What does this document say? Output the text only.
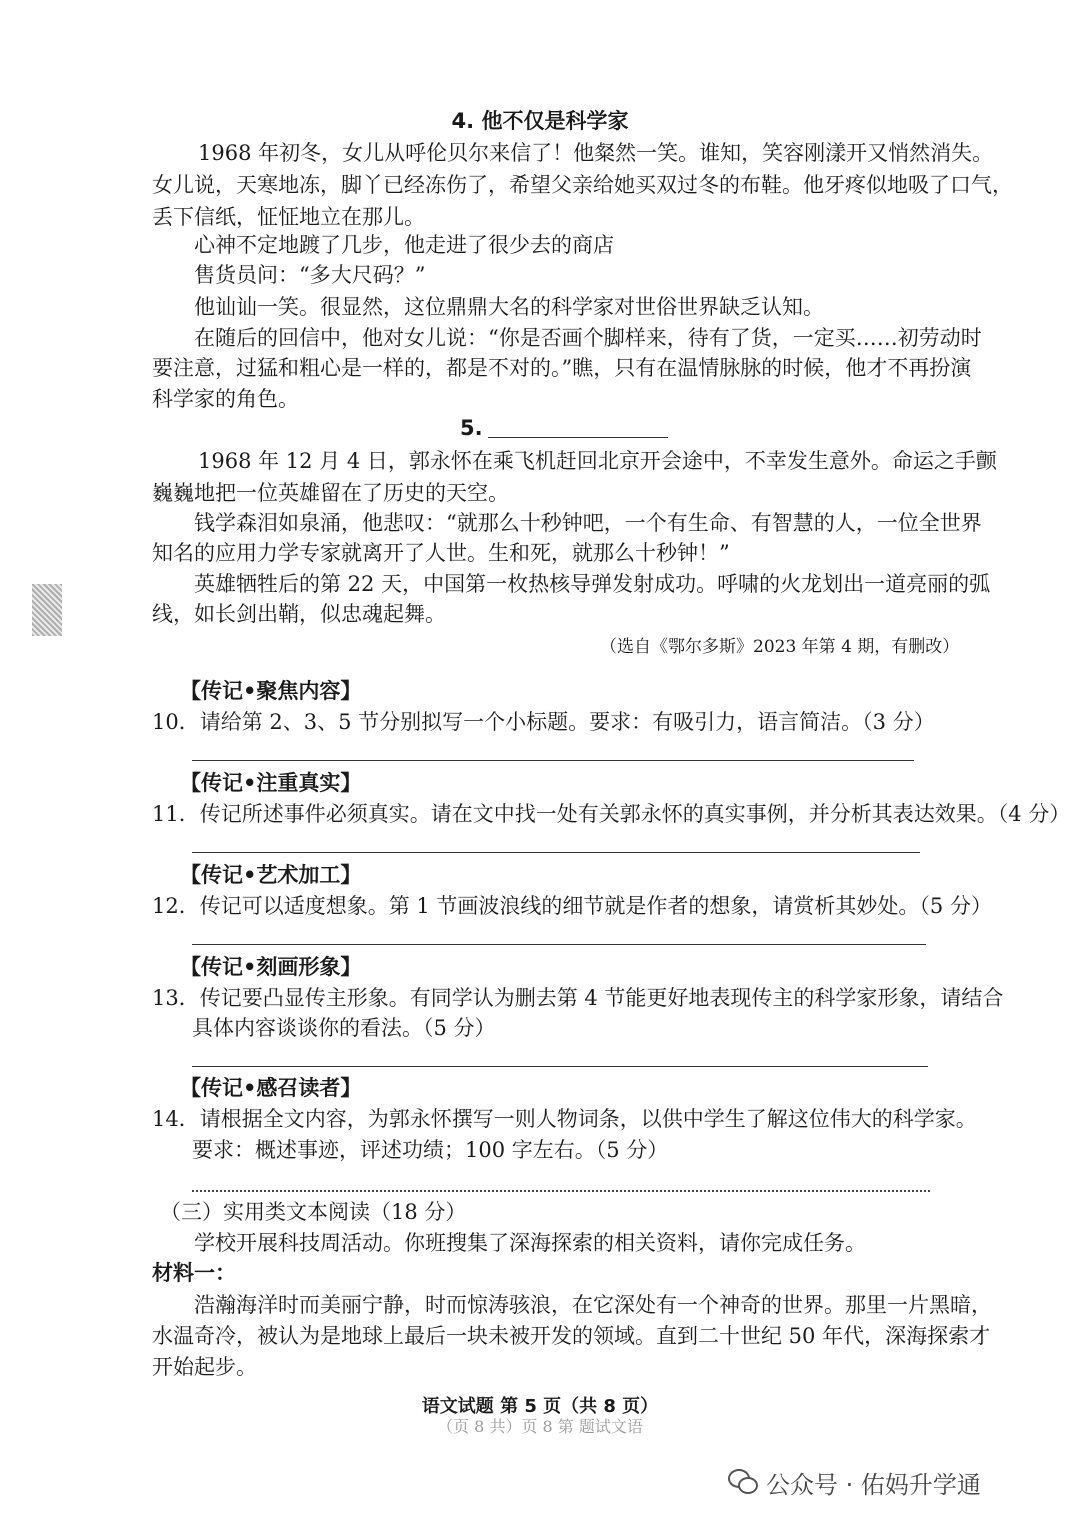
4. 他不仅是科学家
1968 年初冬，女儿从呼伦贝尔来信了！他粲然一笑。谁知，笑容刚漾开又悄然消失。
女儿说，天寒地冻，脚丫已经冻伤了，希望父亲给她买双过冬的布鞋。他牙疼似地吸了口气，
丢下信纸，怔怔地立在那儿。
心神不定地踱了几步，他走进了很少去的商店
售货员问：“多大尺码？”
他讪讪一笑。很显然，这位鼎鼎大名的科学家对世俗世界缺乏认知。
在随后的回信中，他对女儿说：“你是否画个脚样来，待有了货，一定买……初劳动时
要注意，过猛和粗心是一样的，都是不对的。”瞧，只有在温情脉脉的时候，他才不再扮演
科学家的角色。
5.
1968 年 12 月 4 日，郭永怀在乘飞机赶回北京开会途中，不幸发生意外。命运之手颤
巍巍地把一位英雄留在了历史的天空。
钱学森泪如泉涌，他悲叹：“就那么十秒钟吧，一个有生命、有智慧的人，一位全世界
知名的应用力学专家就离开了人世。生和死，就那么十秒钟！”
英雄牺牲后的第 22 天，中国第一枚热核导弹发射成功。呼啸的火龙划出一道亮丽的弧
线，如长剑出鞘，似忠魂起舞。
（选自《鄂尔多斯》2023 年第 4 期，有删改）
【传记•聚焦内容】
10．请给第 2、3、5 节分别拟写一个小标题。要求：有吸引力，语言简洁。（3 分）
【传记•注重真实】
11．传记所述事件必须真实。请在文中找一处有关郭永怀的真实事例，并分析其表达效果。（4 分）
【传记•艺术加工】
12．传记可以适度想象。第 1 节画波浪线的细节就是作者的想象，请赏析其妙处。（5 分）
【传记•刻画形象】
13．传记要凸显传主形象。有同学认为删去第 4 节能更好地表现传主的科学家形象，请结合
具体内容谈谈你的看法。（5 分）
【传记•感召读者】
14．请根据全文内容，为郭永怀撰写一则人物词条，以供中学生了解这位伟大的科学家。
要求：概述事迹，评述功绩；100 字左右。（5 分）
（三）实用类文本阅读（18 分）
学校开展科技周活动。你班搜集了深海探索的相关资料，请你完成任务。
材料一：
浩瀚海洋时而美丽宁静，时而惊涛骇浪，在它深处有一个神奇的世界。那里一片黑暗，
水温奇冷，被认为是地球上最后一块未被开发的领域。直到二十世纪 50 年代，深海探索才
开始起步。
语文试题 第 5 页（共 8 页）
（页 8 共）页 8 第 题试文语
公众号 · 佑妈升学通
